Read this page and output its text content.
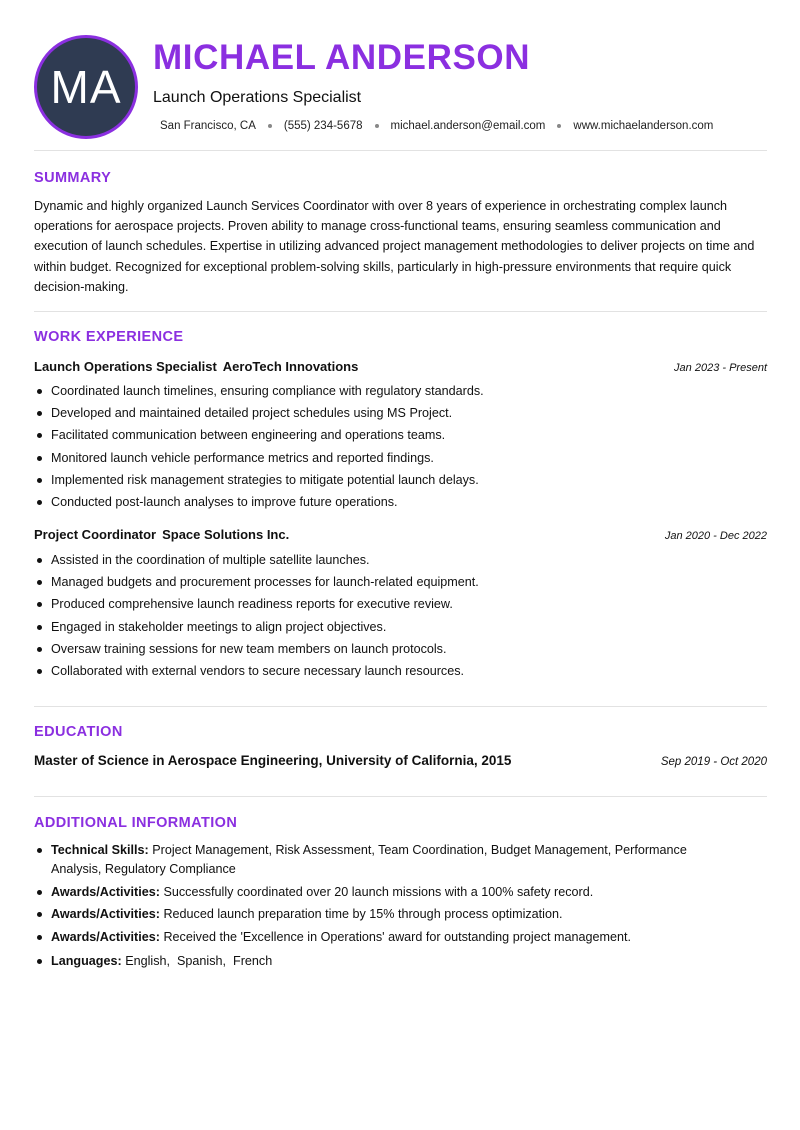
MA
MICHAEL ANDERSON
Launch Operations Specialist
San Francisco, CA (555) 234-5678 michael.anderson@email.com www.michaelanderson.com
SUMMARY

Dynamic and highly organized Launch Services Coordinator with over 8 years of experience in orchestrating complex launch operations for aerospace projects. Proven ability to manage cross-functional teams, ensuring seamless communication and execution of launch schedules. Expertise in utilizing advanced project management methodologies to deliver projects on time and within budget. Recognized for exceptional problem-solving skills, particularly in high-pressure environments that require quick decision-making.

WORK EXPERIENCE
Launch Operations Specialist AeroTech Innovations	Jan 2023 - Present
Coordinated launch timelines, ensuring compliance with regulatory standards.
Developed and maintained detailed project schedules using MS Project.
Facilitated communication between engineering and operations teams.
Monitored launch vehicle performance metrics and reported findings.
Implemented risk management strategies to mitigate potential launch delays.
Conducted post-launch analyses to improve future operations.
Project Coordinator Space Solutions Inc.	Jan 2020 - Dec 2022
Assisted in the coordination of multiple satellite launches.
Managed budgets and procurement processes for launch-related equipment.
Produced comprehensive launch readiness reports for executive review.
Engaged in stakeholder meetings to align project objectives.
Oversaw training sessions for new team members on launch protocols.
Collaborated with external vendors to secure necessary launch resources.
EDUCATION
Master of Science in Aerospace Engineering, University of California, 2015	Sep 2019 - Oct 2020
ADDITIONAL INFORMATION
Technical Skills: Project Management, Risk Assessment, Team Coordination, Budget Management, Performance Analysis, Regulatory Compliance
Awards/Activities: Successfully coordinated over 20 launch missions with a 100% safety record.
Awards/Activities: Reduced launch preparation time by 15% through process optimization.
Awards/Activities: Received the 'Excellence in Operations' award for outstanding project management.
Languages: English,  Spanish,  French
